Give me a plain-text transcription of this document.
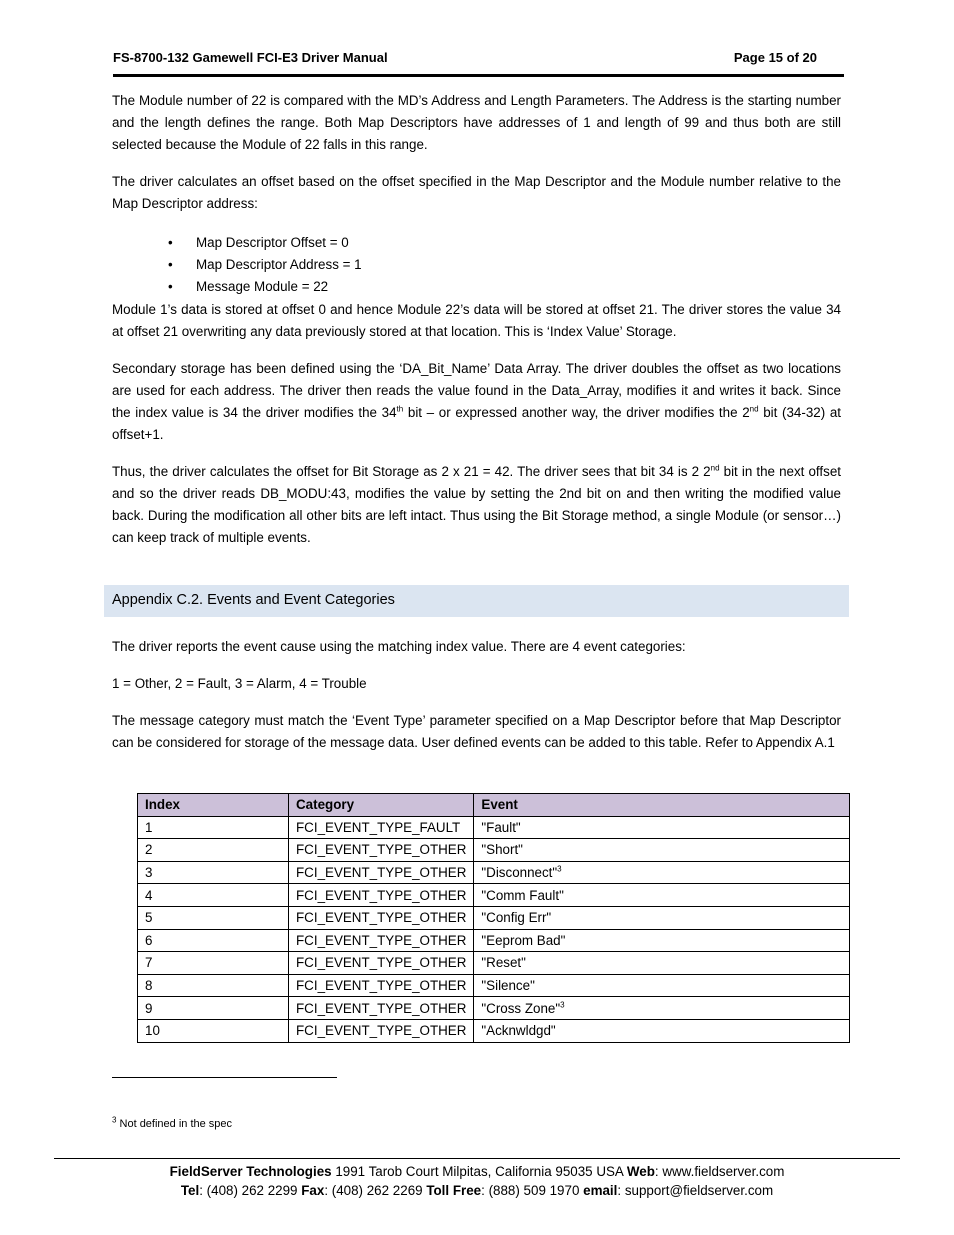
FS-8700-132 Gamewell FCI-E3 Driver Manual	Page 15 of 20
The Module number of 22 is compared with the MD’s Address and Length Parameters. The Address is the starting number and the length defines the range. Both Map Descriptors have addresses of 1 and length of 99 and thus both are still selected because the Module of 22 falls in this range.
The driver calculates an offset based on the offset specified in the Map Descriptor and the Module number relative to the Map Descriptor address:
• Map Descriptor Offset = 0
• Map Descriptor Address = 1
• Message Module = 22
Module 1’s data is stored at offset 0 and hence Module 22’s data will be stored at offset 21. The driver stores the value 34 at offset 21 overwriting any data previously stored at that location. This is ‘Index Value’ Storage.
Secondary storage has been defined using the ‘DA_Bit_Name’ Data Array. The driver doubles the offset as two locations are used for each address. The driver then reads the value found in the Data_Array, modifies it and writes it back. Since the index value is 34 the driver modifies the 34th bit – or expressed another way, the driver modifies the 2nd bit (34-32) at offset+1.
Thus, the driver calculates the offset for Bit Storage as 2 x 21 = 42. The driver sees that bit 34 is 2 2nd bit in the next offset and so the driver reads DB_MODU:43, modifies the value by setting the 2nd bit on and then writing the modified value back. During the modification all other bits are left intact. Thus using the Bit Storage method, a single Module (or sensor…) can keep track of multiple events.
Appendix C.2. Events and Event Categories
The driver reports the event cause using the matching index value. There are 4 event categories:
1 = Other, 2 = Fault, 3 = Alarm, 4 = Trouble
The message category must match the ‘Event Type’ parameter specified on a Map Descriptor before that Map Descriptor can be considered for storage of the message data. User defined events can be added to this table. Refer to Appendix A.1
Index	Category	Event
1	FCI_EVENT_TYPE_FAULT	"Fault"
2	FCI_EVENT_TYPE_OTHER	"Short"
3	FCI_EVENT_TYPE_OTHER	"Disconnect"$^3$
4	FCI_EVENT_TYPE_OTHER	"Comm Fault"
5	FCI_EVENT_TYPE_OTHER	"Config Err"
6	FCI_EVENT_TYPE_OTHER	"Eeprom Bad"
7	FCI_EVENT_TYPE_OTHER	"Reset"
8	FCI_EVENT_TYPE_OTHER	"Silence"
9	FCI_EVENT_TYPE_OTHER	"Cross Zone"$^3$
10	FCI_EVENT_TYPE_OTHER	"Acknwldgd"
$^3$ Not defined in the spec
FieldServer Technologies 1991 Tarob Court Milpitas, California 95035 USA Web: www.fieldserver.com
Tel: (408) 262 2299 Fax: (408) 262 2269 Toll Free: (888) 509 1970 email: support@fieldserver.com
